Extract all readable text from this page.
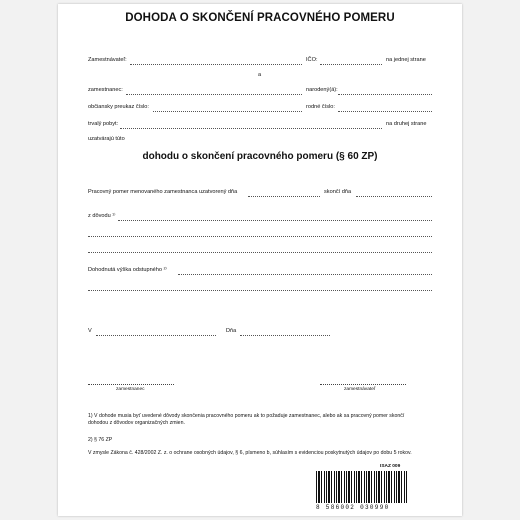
DOHODA O SKONČENÍ PRACOVNÉHO POMERU
Zamestnávateľ:	IČO:	na jednej strane
a
zamestnanec:	narodený(á):
občiansky preukaz číslo:	rodné číslo:
trvalý pobyt:	na druhej strane
uzatvárajú túto
dohodu o skončení pracovného pomeru (§ 60 ZP)
Pracovný pomer menovaného zamestnanca uzatvorený dňa	skončí dňa
z dôvodu ¹⁾
Dohodnutá výška odstupného ²⁾
V	Dňa
zamestnanec	zamestnávateľ
1) V dohode musia byť uvedené dôvody skončenia pracovného pomeru ak to požaduje zamestnanec, alebo ak sa pracovný pomer skončí dohodou z dôvodov organizačných zmien.
2) § 76 ZP
V zmysle Zákona č. 428/2002 Z. z. o ochrane osobných údajov, § 6, písmeno b, súhlasím s evidenciou poskytnutých údajov po dobu 5 rokov.
ISAZ 009
8 586002 030990
